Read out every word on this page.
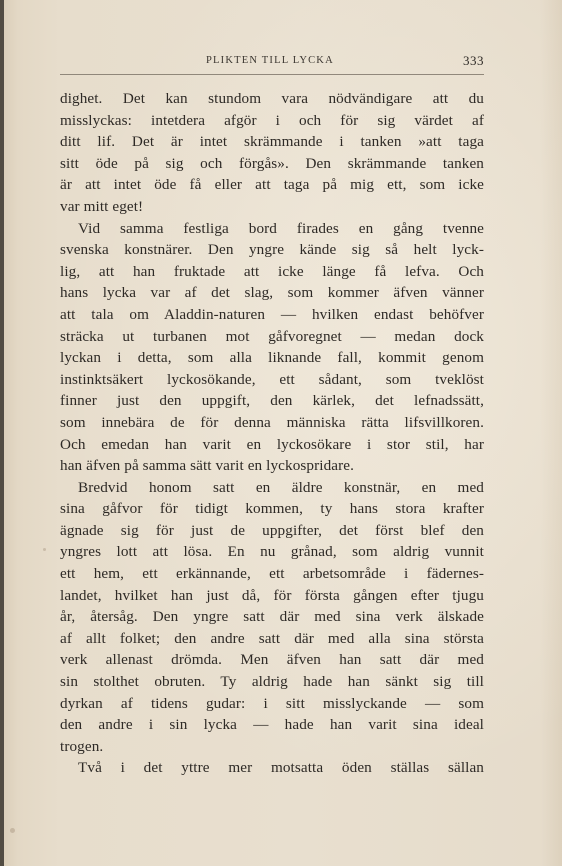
PLIKTEN TILL LYCKA	333
dighet. Det kan stundom vara nödvändigare att du
misslyckas: intetdera afgör i och för sig värdet af
ditt lif. Det är intet skrämmande i tanken »att taga
sitt öde på sig och förgås». Den skrämmande tanken
är att intet öde få eller att taga på mig ett, som icke
var mitt eget!
Vid samma festliga bord firades en gång tvenne
svenska konstnärer. Den yngre kände sig så helt lyck-
lig, att han fruktade att icke länge få lefva. Och
hans lycka var af det slag, som kommer äfven vänner
att tala om Aladdin-naturen — hvilken endast behöfver
sträcka ut turbanen mot gåfvoregnet — medan dock
lyckan i detta, som alla liknande fall, kommit genom
instinktsäkert lyckosökande, ett sådant, som tveklöst
finner just den uppgift, den kärlek, det lefnadssätt,
som innebära de för denna människa rätta lifsvillkoren.
Och emedan han varit en lyckosökare i stor stil, har
han äfven på samma sätt varit en lyckospridare.
Bredvid honom satt en äldre konstnär, en med
sina gåfvor för tidigt kommen, ty hans stora krafter
ägnade sig för just de uppgifter, det först blef den
yngres lott att lösa. En nu grånad, som aldrig vunnit
ett hem, ett erkännande, ett arbetsområde i fädernes-
landet, hvilket han just då, för första gången efter tjugu
år, återsåg. Den yngre satt där med sina verk älskade
af allt folket; den andre satt där med alla sina största
verk allenast drömda. Men äfven han satt där med
sin stolthet obruten. Ty aldrig hade han sänkt sig till
dyrkan af tidens gudar: i sitt misslyckande — som
den andre i sin lycka — hade han varit sina ideal
trogen.
Två i det yttre mer motsatta öden ställas sällan
